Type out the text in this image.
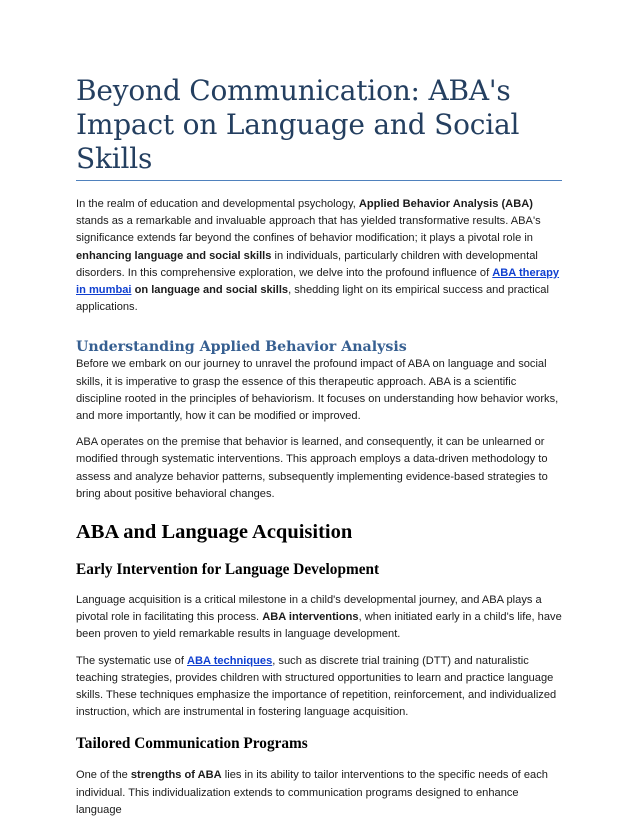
Beyond Communication: ABA's Impact on Language and Social Skills

In the realm of education and developmental psychology, Applied Behavior Analysis (ABA) stands as a remarkable and invaluable approach that has yielded transformative results. ABA's significance extends far beyond the confines of behavior modification; it plays a pivotal role in enhancing language and social skills in individuals, particularly children with developmental disorders. In this comprehensive exploration, we delve into the profound influence of ABA therapy in mumbai on language and social skills, shedding light on its empirical success and practical applications.

Understanding Applied Behavior Analysis

Before we embark on our journey to unravel the profound impact of ABA on language and social skills, it is imperative to grasp the essence of this therapeutic approach. ABA is a scientific discipline rooted in the principles of behaviorism. It focuses on understanding how behavior works, and more importantly, how it can be modified or improved.

ABA operates on the premise that behavior is learned, and consequently, it can be unlearned or modified through systematic interventions. This approach employs a data-driven methodology to assess and analyze behavior patterns, subsequently implementing evidence-based strategies to bring about positive behavioral changes.

ABA and Language Acquisition
Early Intervention for Language Development

Language acquisition is a critical milestone in a child's developmental journey, and ABA plays a pivotal role in facilitating this process. ABA interventions, when initiated early in a child's life, have been proven to yield remarkable results in language development.

The systematic use of ABA techniques, such as discrete trial training (DTT) and naturalistic teaching strategies, provides children with structured opportunities to learn and practice language skills. These techniques emphasize the importance of repetition, reinforcement, and individualized instruction, which are instrumental in fostering language acquisition.

Tailored Communication Programs

One of the strengths of ABA lies in its ability to tailor interventions to the specific needs of each individual. This individualization extends to communication programs designed to enhance language
